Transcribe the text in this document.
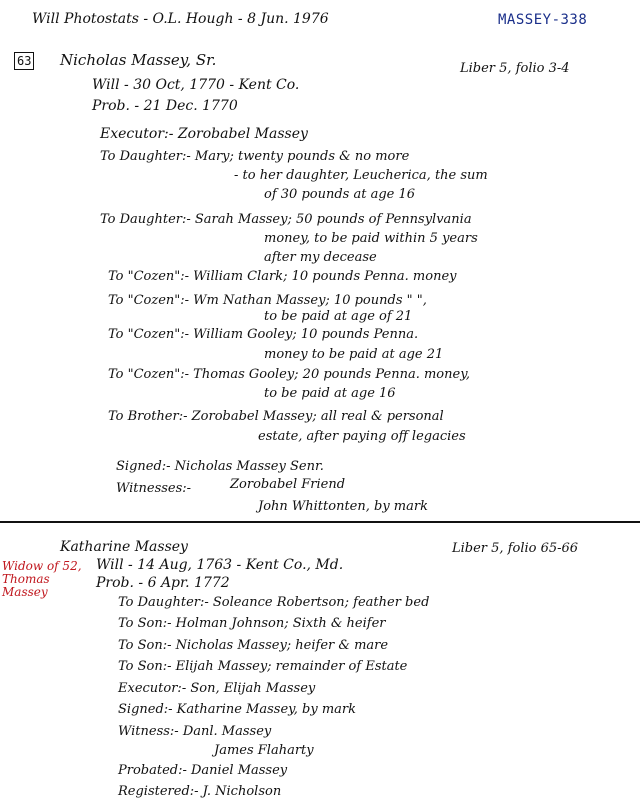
Will Photostats - O.L. Hough - 8 Jun. 1976	MASSEY-338
63 Nicholas Massey, Sr.	Liber 5, folio 3-4
Will - 30 Oct, 1770 - Kent Co.
Prob. - 21 Dec. 1770
Executor:- Zorobabel Massey
To Daughter:- Mary; twenty pounds & no more
- to her daughter, Leucherica, the sum
of 30 pounds at age 16
To Daughter:- Sarah Massey; 50 pounds of Pennsylvania
money, to be paid within 5 years
after my decease
To "Cozen":- William Clark; 10 pounds Penna. money
To "Cozen":- Wm Nathan Massey; 10 pounds " ",
to be paid at age of 21
To "Cozen":- William Gooley; 10 pounds Penna.
money to be paid at age 21
To "Cozen":- Thomas Gooley; 20 pounds Penna. money,
to be paid at age 16
To Brother:- Zorobabel Massey; all real & personal
estate, after paying off legacies
Signed:- Nicholas Massey Senr.
Witnesses:-	Zorobabel Friend
John Whittonten, by mark
Katharine Massey	Liber 5, folio 65-66
Widow of 52, Thomas Massey
Will - 14 Aug, 1763 - Kent Co., Md.
Prob. - 6 Apr. 1772
To Daughter:- Soleance Robertson; feather bed
To Son:- Holman Johnson; Sixth & heifer
To Son:- Nicholas Massey; heifer & mare
To Son:- Elijah Massey; remainder of Estate
Executor:- Son, Elijah Massey
Signed:- Katharine Massey, by mark
Witness:- Danl. Massey
James Flaharty
Probated:- Daniel Massey
Registered:- J. Nicholson
